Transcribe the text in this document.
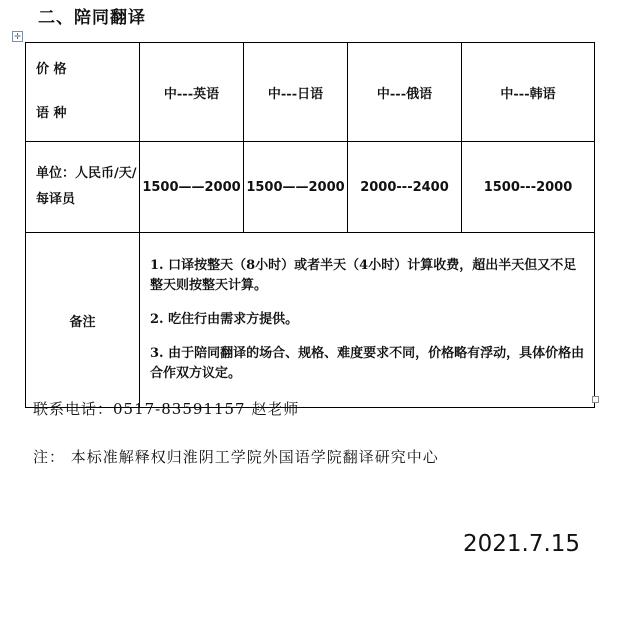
二、陪同翻译
✛
价 格
语 种	中---英语	中---日语	中---俄语	中---韩语
单位：人民币/天/每译员	1500——2000	1500——2000	2000---2400	1500---2000
备注	1. 口译按整天（8小时）或者半天（4小时）计算收费，超出半天但又不足整天则按整天计算。

2. 吃住行由需求方提供。

3. 由于陪同翻译的场合、规格、难度要求不同，价格略有浮动，具体价格由合作双方议定。			

联系电话：0517-83591157 赵老师
注： 本标准解释权归淮阴工学院外国语学院翻译研究中心
2021.7.15
